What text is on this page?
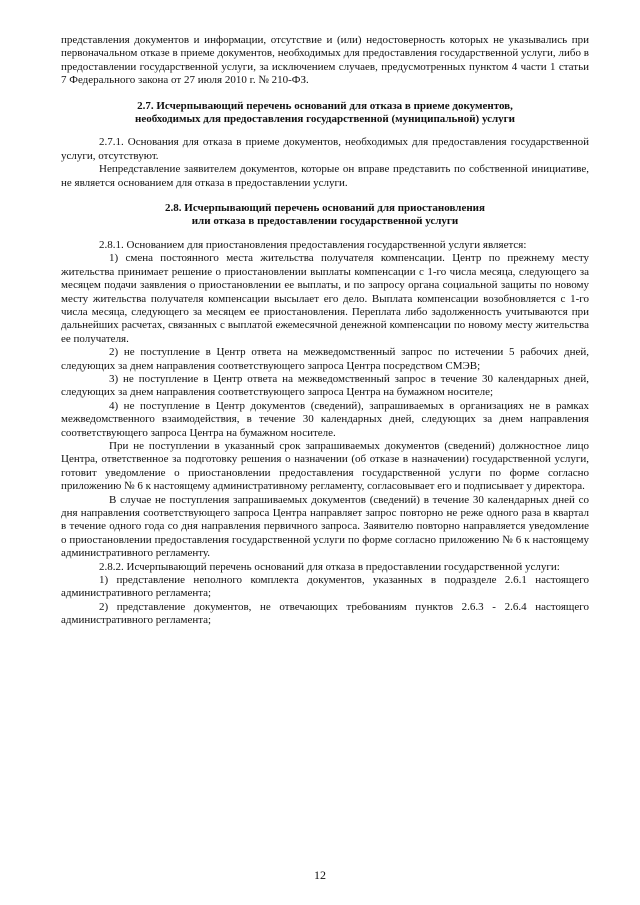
представления документов и информации, отсутствие и (или) недостоверность которых не указывались при первоначальном отказе в приеме документов, необходимых для предоставления государственной услуги, либо в предоставлении государственной услуги, за исключением случаев, предусмотренных пунктом 4 части 1 статьи 7 Федерального закона от 27 июля 2010 г. № 210-ФЗ.

2.7. Исчерпывающий перечень оснований для отказа в приеме документов,
необходимых для предоставления государственной (муниципальной) услуги

2.7.1. Основания для отказа в приеме документов, необходимых для предоставления государственной услуги, отсутствуют.

Непредставление заявителем документов, которые он вправе представить по собственной инициативе, не является основанием для отказа в предоставлении услуги.

2.8. Исчерпывающий перечень оснований для приостановления
или отказа в предоставлении государственной услуги

2.8.1. Основанием для приостановления предоставления государственной услуги является:

1) смена постоянного места жительства получателя компенсации. Центр по прежнему месту жительства принимает решение о приостановлении выплаты компенсации с 1-го числа месяца, следующего за месяцем подачи заявления о приостановлении ее выплаты, и по запросу органа социальной защиты по новому месту жительства получателя компенсации высылает его дело. Выплата компенсации возобновляется с 1-го числа месяца, следующего за месяцем ее приостановления. Переплата либо задолженность учитываются при дальнейших расчетах, связанных с выплатой ежемесячной денежной компенсации по новому месту жительства ее получателя.

2) не поступление в Центр ответа на межведомственный запрос по истечении 5 рабочих дней, следующих за днем направления соответствующего запроса Центра посредством СМЭВ;

3) не поступление в Центр ответа на межведомственный запрос в течение 30 календарных дней, следующих за днем направления соответствующего запроса Центра на бумажном носителе;

4) не поступление в Центр документов (сведений), запрашиваемых в организациях не в рамках межведомственного взаимодействия, в течение 30 календарных дней, следующих за днем направления соответствующего запроса Центра на бумажном носителе.

При не поступлении в указанный срок запрашиваемых документов (сведений) должностное лицо Центра, ответственное за подготовку решения о назначении (об отказе в назначении) государственной услуги, готовит уведомление о приостановлении предоставления государственной услуги по форме согласно приложению № 6 к настоящему административному регламенту, согласовывает его и подписывает у директора.

В случае не поступления запрашиваемых документов (сведений) в течение 30 календарных дней со дня направления соответствующего запроса Центра направляет запрос повторно не реже одного раза в квартал в течение одного года со дня направления первичного запроса. Заявителю повторно направляется уведомление о приостановлении предоставления государственной услуги по форме согласно приложению № 6 к настоящему административного регламенту.

2.8.2. Исчерпывающий перечень оснований для отказа в предоставлении государственной услуги:

1) представление неполного комплекта документов, указанных в подразделе 2.6.1 настоящего административного регламента;

2) представление документов, не отвечающих требованиям пунктов 2.6.3 - 2.6.4 настоящего административного регламента;

12
